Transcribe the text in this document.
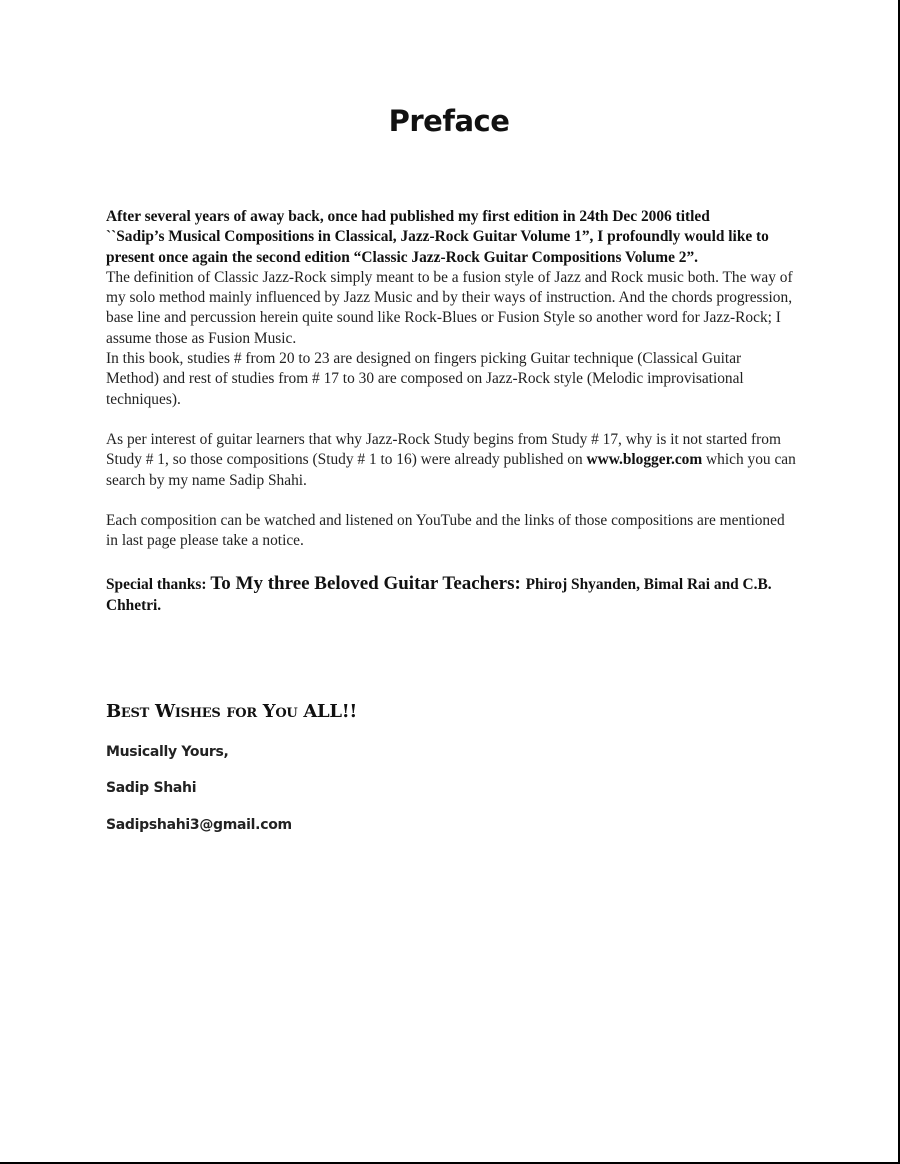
Preface

After several years of away back, once had published my first edition in 24th Dec 2006 titled

``Sadip’s Musical Compositions in Classical, Jazz-Rock Guitar Volume 1”, I profoundly would like to present once again the second edition “Classic Jazz-Rock Guitar Compositions Volume 2”.

The definition of Classic Jazz-Rock simply meant to be a fusion style of Jazz and Rock music both. The way of my solo method mainly influenced by Jazz Music and by their ways of instruction. And the chords progression, base line and percussion herein quite sound like Rock-Blues or Fusion Style so another word for Jazz-Rock; I assume those as Fusion Music.

In this book, studies # from 20 to 23 are designed on fingers picking Guitar technique (Classical Guitar Method) and rest of studies from # 17 to 30 are composed on Jazz-Rock style (Melodic improvisational techniques).

As per interest of guitar learners that why Jazz-Rock Study begins from Study # 17, why is it not started from Study # 1, so those compositions (Study # 1 to 16) were already published on www.blogger.com which you can search by my name Sadip Shahi.

Each composition can be watched and listened on YouTube and the links of those compositions are mentioned in last page please take a notice.

Special thanks: To My three Beloved Guitar Teachers: Phiroj Shyanden, Bimal Rai and C.B. Chhetri.

Best Wishes for You ALL!!
Musically Yours,
Sadip Shahi
Sadipshahi3@gmail.com
